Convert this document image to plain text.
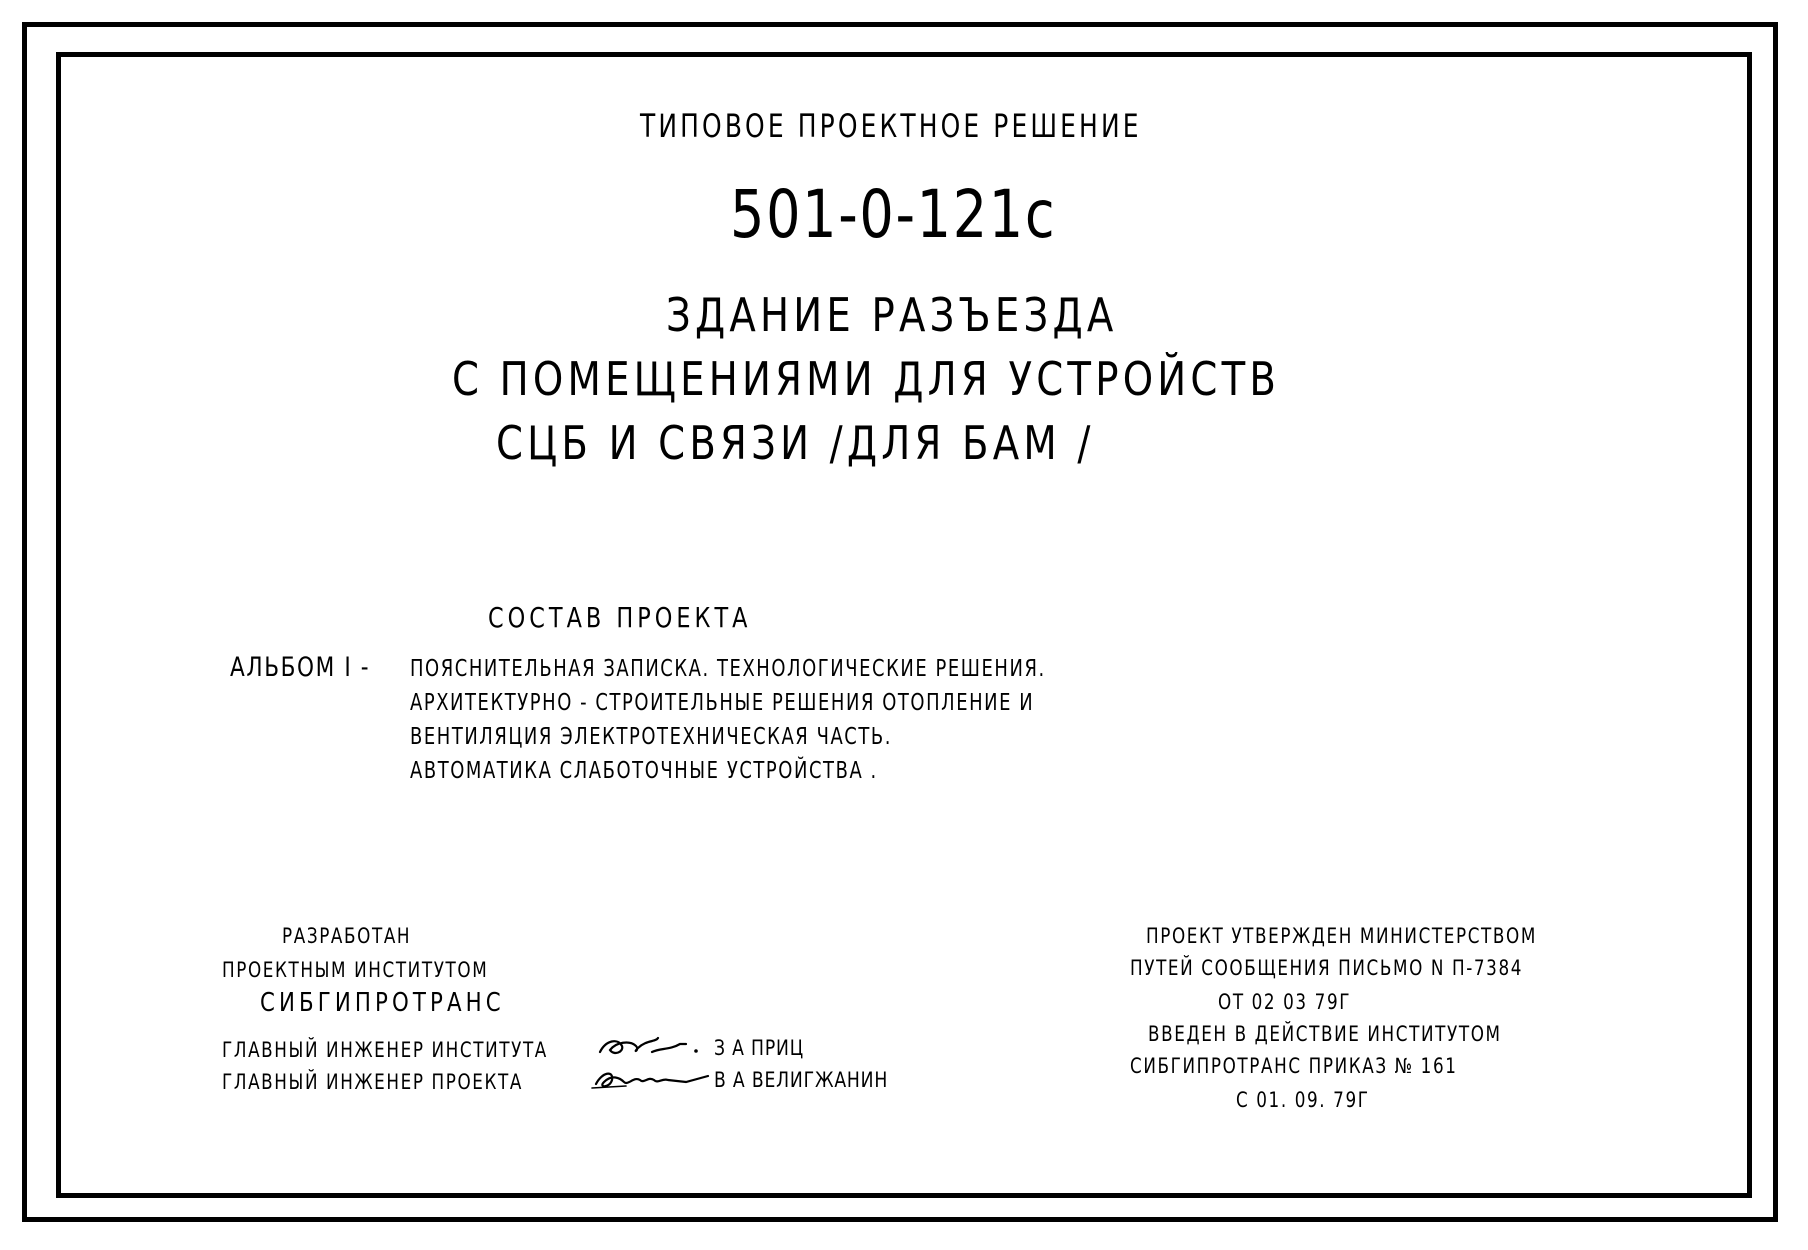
ТИПОВОЕ ПРОЕКТНОЕ РЕШЕНИЕ
501-0-121с
ЗДАНИЕ РАЗЪЕЗДА
С ПОМЕЩЕНИЯМИ ДЛЯ УСТРОЙСТВ
СЦБ И СВЯЗИ /ДЛЯ БАМ /
СОСТАВ ПРОЕКТА
АЛЬБОМ I -	ПОЯСНИТЕЛЬНАЯ ЗАПИСКА. ТЕХНОЛОГИЧЕСКИЕ РЕШЕНИЯ.
АРХИТЕКТУРНО - СТРОИТЕЛЬНЫЕ РЕШЕНИЯ ОТОПЛЕНИЕ И
ВЕНТИЛЯЦИЯ ЭЛЕКТРОТЕХНИЧЕСКАЯ ЧАСТЬ.
АВТОМАТИКА СЛАБОТОЧНЫЕ УСТРОЙСТВА .
РАЗРАБОТАН
ПРОЕКТНЫМ ИНСТИТУТОМ
СИБГИПРОТРАНС
ГЛАВНЫЙ ИНЖЕНЕР ИНСТИТУТА
ГЛАВНЫЙ ИНЖЕНЕР ПРОЕКТА
З А ПРИЦ
В А ВЕЛИГЖАНИН
ПРОЕКТ УТВЕРЖДЕН МИНИСТЕРСТВОМ
ПУТЕЙ СООБЩЕНИЯ ПИСЬМО N П-7384
ОТ 02 03 79Г
ВВЕДЕН В ДЕЙСТВИЕ ИНСТИТУТОМ
СИБГИПРОТРАНС ПРИКАЗ № 161
С 01. 09. 79Г
